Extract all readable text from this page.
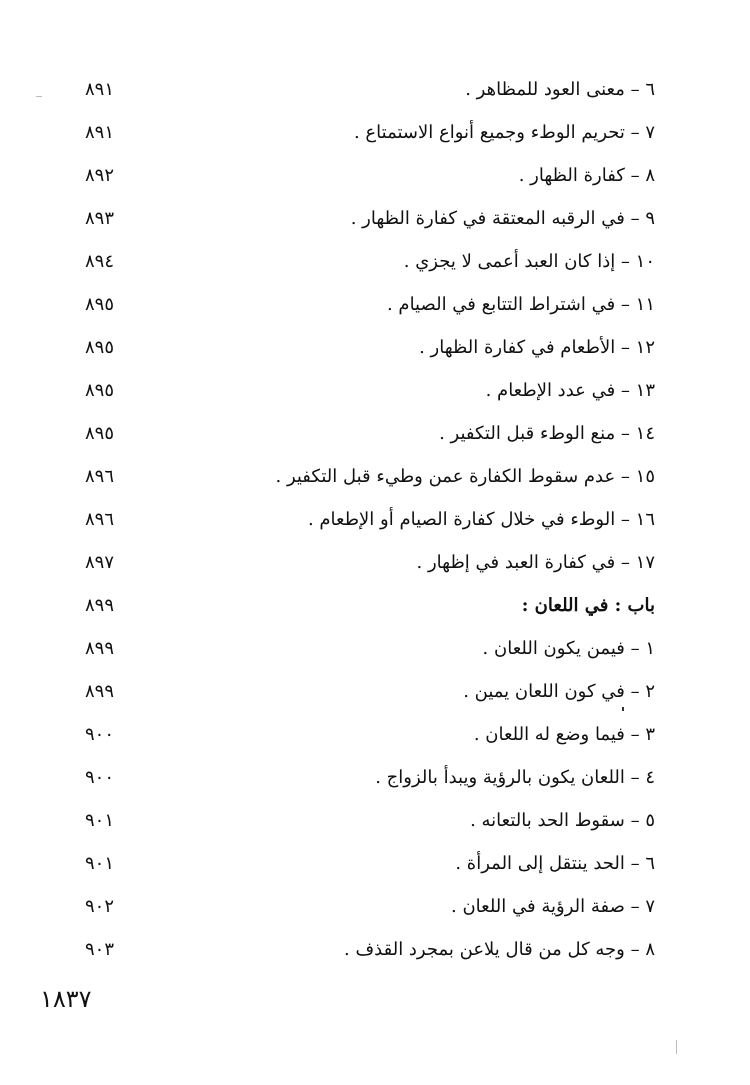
٦ – معنى العود للمظاهر .
٨٩١
٧ – تحريم الوطء وجميع أنواع الاستمتاع .
٨٩١
٨ – كفارة الظهار .
٨٩٢
٩ – في الرقبه المعتقة في كفارة الظهار .
٨٩٣
١٠ – إذا كان العبد أعمى لا يجزي .
٨٩٤
١١ – في اشتراط التتابع في الصيام .
٨٩٥
١٢ – الأطعام في كفارة الظهار .
٨٩٥
١٣ – في عدد الإطعام .
٨٩٥
١٤ – منع الوطء قبل التكفير .
٨٩٥
١٥ – عدم سقوط الكفارة عمن وطيء قبل التكفير .
٨٩٦
١٦ – الوطء في خلال كفارة الصيام أو الإطعام .
٨٩٦
١٧ – في كفارة العبد في إظهار .
٨٩٧
باب : في اللعان :
٨٩٩
١ – فيمن يكون اللعان .
٨٩٩
٢ – في كون اللعان يمين .
٨٩٩
٣ – فيما وضع له اللعان .
٩٠٠
٤ – اللعان يكون بالرؤية ويبدأ بالزواج .
٩٠٠
٥ – سقوط الحد بالتعانه .
٩٠١
٦ – الحد ينتقل إلى المرأة .
٩٠١
٧ – صفة الرؤية في اللعان .
٩٠٢
٨ – وجه كل من قال يلاعن بمجرد القذف .
٩٠٣
١٨٣٧
